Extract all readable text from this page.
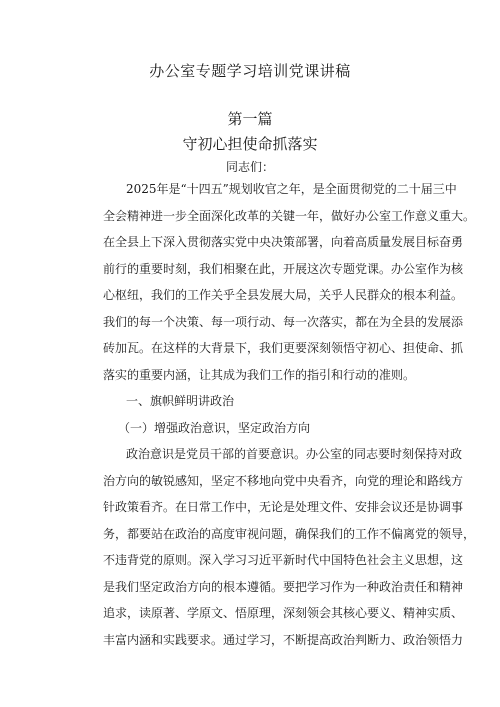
办公室专题学习培训党课讲稿
第一篇
守初心担使命抓落实
同志们：
2025年是“十四五”规划收官之年，是全面贯彻党的二十届三中
全会精神进一步全面深化改革的关键一年，做好办公室工作意义重大。
在全县上下深入贯彻落实党中央决策部署，向着高质量发展目标奋勇
前行的重要时刻，我们相聚在此，开展这次专题党课。办公室作为核
心枢纽，我们的工作关乎全县发展大局，关乎人民群众的根本利益。
我们的每一个决策、每一项行动、每一次落实，都在为全县的发展添
砖加瓦。在这样的大背景下，我们更要深刻领悟守初心、担使命、抓
落实的重要内涵，让其成为我们工作的指引和行动的准则。
一、旗帜鲜明讲政治
（一）增强政治意识，坚定政治方向
政治意识是党员干部的首要意识。办公室的同志要时刻保持对政
治方向的敏锐感知，坚定不移地向党中央看齐，向党的理论和路线方
针政策看齐。在日常工作中，无论是处理文件、安排会议还是协调事
务，都要站在政治的高度审视问题，确保我们的工作不偏离党的领导，
不违背党的原则。深入学习习近平新时代中国特色社会主义思想，这
是我们坚定政治方向的根本遵循。要把学习作为一种政治责任和精神
追求，读原著、学原文、悟原理，深刻领会其核心要义、精神实质、
丰富内涵和实践要求。通过学习，不断提高政治判断力、政治领悟力
